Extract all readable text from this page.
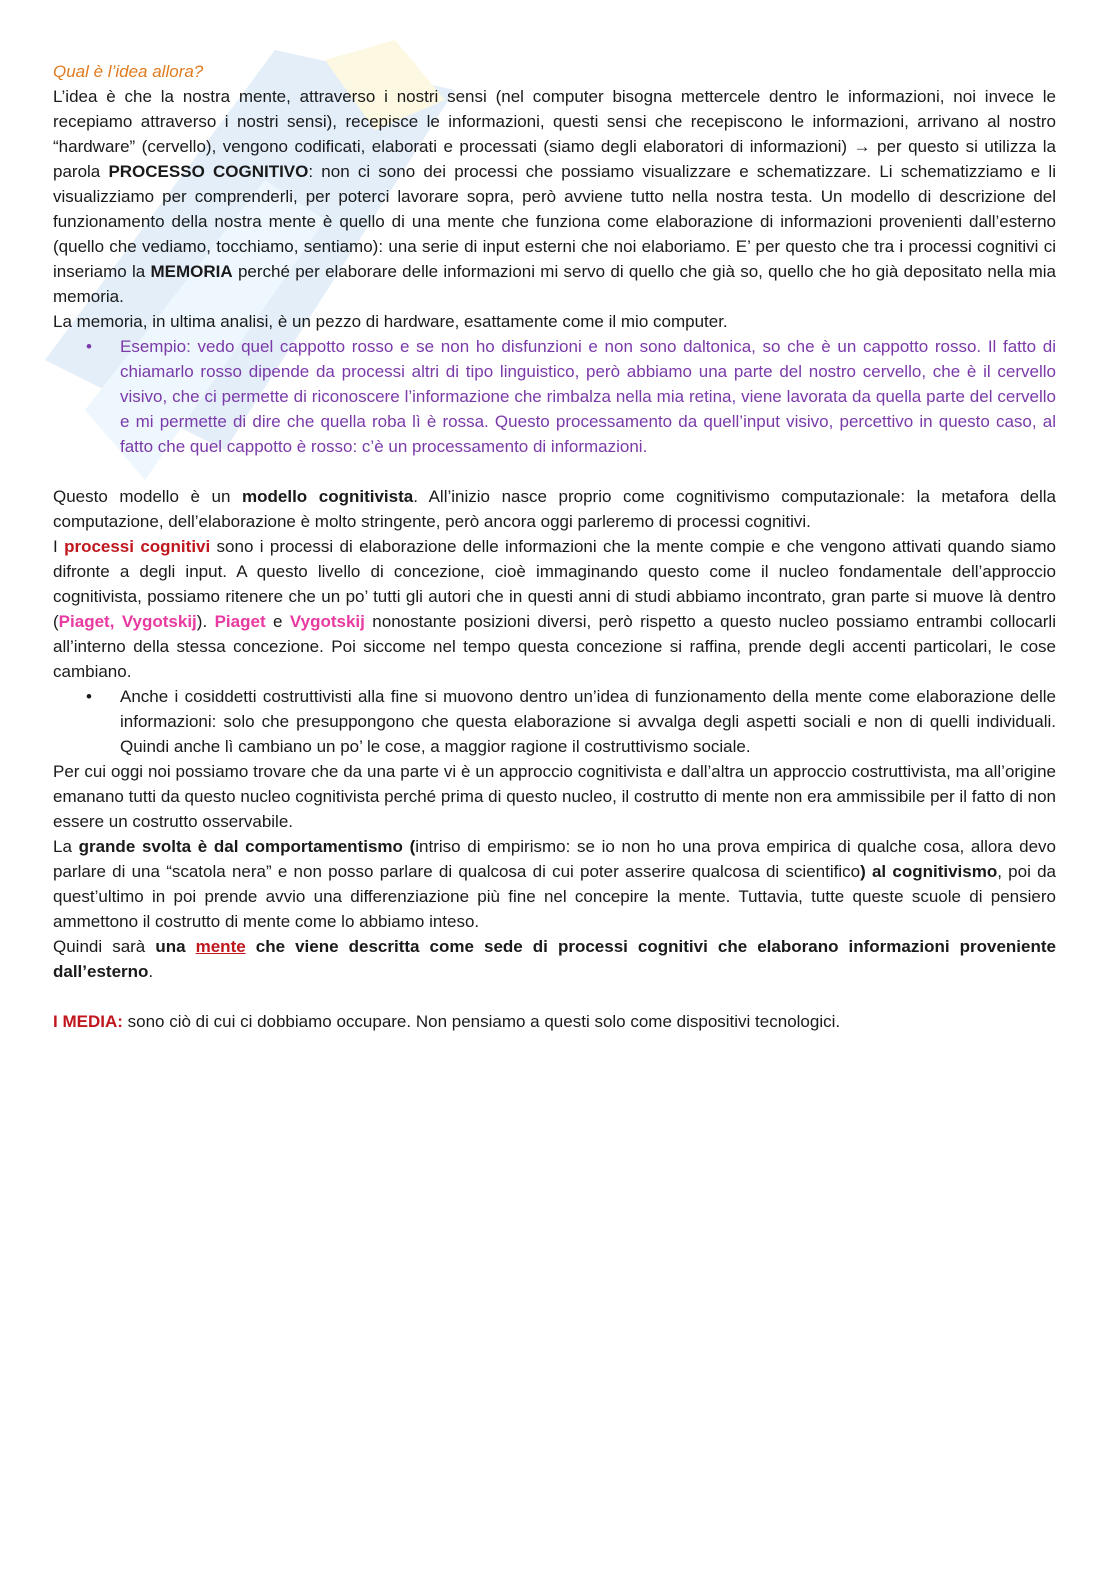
Qual è l’idea allora?

L’idea è che la nostra mente, attraverso i nostri sensi (nel computer bisogna mettercele dentro le informazioni, noi invece le recepiamo attraverso i nostri sensi), recepisce le informazioni, questi sensi che recepiscono le informazioni, arrivano al nostro “hardware” (cervello), vengono codificati, elaborati e processati (siamo degli elaboratori di informazioni) → per questo si utilizza la parola PROCESSO COGNITIVO: non ci sono dei processi che possiamo visualizzare e schematizzare. Li schematizziamo e li visualizziamo per comprenderli, per poterci lavorare sopra, però avviene tutto nella nostra testa. Un modello di descrizione del funzionamento della nostra mente è quello di una mente che funziona come elaborazione di informazioni provenienti dall’esterno (quello che vediamo, tocchiamo, sentiamo): una serie di input esterni che noi elaboriamo. E’ per questo che tra i processi cognitivi ci inseriamo la MEMORIA perché per elaborare delle informazioni mi servo di quello che già so, quello che ho già depositato nella mia memoria.

La memoria, in ultima analisi, è un pezzo di hardware, esattamente come il mio computer.

• Esempio: vedo quel cappotto rosso e se non ho disfunzioni e non sono daltonica, so che è un cappotto rosso. Il fatto di chiamarlo rosso dipende da processi altri di tipo linguistico, però abbiamo una parte del nostro cervello, che è il cervello visivo, che ci permette di riconoscere l’informazione che rimbalza nella mia retina, viene lavorata da quella parte del cervello e mi permette di dire che quella roba lì è rossa. Questo processamento da quell’input visivo, percettivo in questo caso, al fatto che quel cappotto è rosso: c’è un processamento di informazioni.

Questo modello è un modello cognitivista. All’inizio nasce proprio come cognitivismo computazionale: la metafora della computazione, dell’elaborazione è molto stringente, però ancora oggi parleremo di processi cognitivi.

I processi cognitivi sono i processi di elaborazione delle informazioni che la mente compie e che vengono attivati quando siamo difronte a degli input. A questo livello di concezione, cioè immaginando questo come il nucleo fondamentale dell’approccio cognitivista, possiamo ritenere che un po’ tutti gli autori che in questi anni di studi abbiamo incontrato, gran parte si muove là dentro (Piaget, Vygotskij). Piaget e Vygotskij nonostante posizioni diversi, però rispetto a questo nucleo possiamo entrambi collocarli all’interno della stessa concezione. Poi siccome nel tempo questa concezione si raffina, prende degli accenti particolari, le cose cambiano.

• Anche i cosiddetti costruttivisti alla fine si muovono dentro un’idea di funzionamento della mente come elaborazione delle informazioni: solo che presuppongono che questa elaborazione si avvalga degli aspetti sociali e non di quelli individuali. Quindi anche lì cambiano un po’ le cose, a maggior ragione il costruttivismo sociale.

Per cui oggi noi possiamo trovare che da una parte vi è un approccio cognitivista e dall’altra un approccio costruttivista, ma all’origine emanano tutti da questo nucleo cognitivista perché prima di questo nucleo, il costrutto di mente non era ammissibile per il fatto di non essere un costrutto osservabile.

La grande svolta è dal comportamentismo (intriso di empirismo: se io non ho una prova empirica di qualche cosa, allora devo parlare di una “scatola nera” e non posso parlare di qualcosa di cui poter asserire qualcosa di scientifico) al cognitivismo, poi da quest’ultimo in poi prende avvio una differenziazione più fine nel concepire la mente. Tuttavia, tutte queste scuole di pensiero ammettono il costrutto di mente come lo abbiamo inteso.

Quindi sarà una mente che viene descritta come sede di processi cognitivi che elaborano informazioni proveniente dall’esterno.

I MEDIA: sono ciò di cui ci dobbiamo occupare. Non pensiamo a questi solo come dispositivi tecnologici.
